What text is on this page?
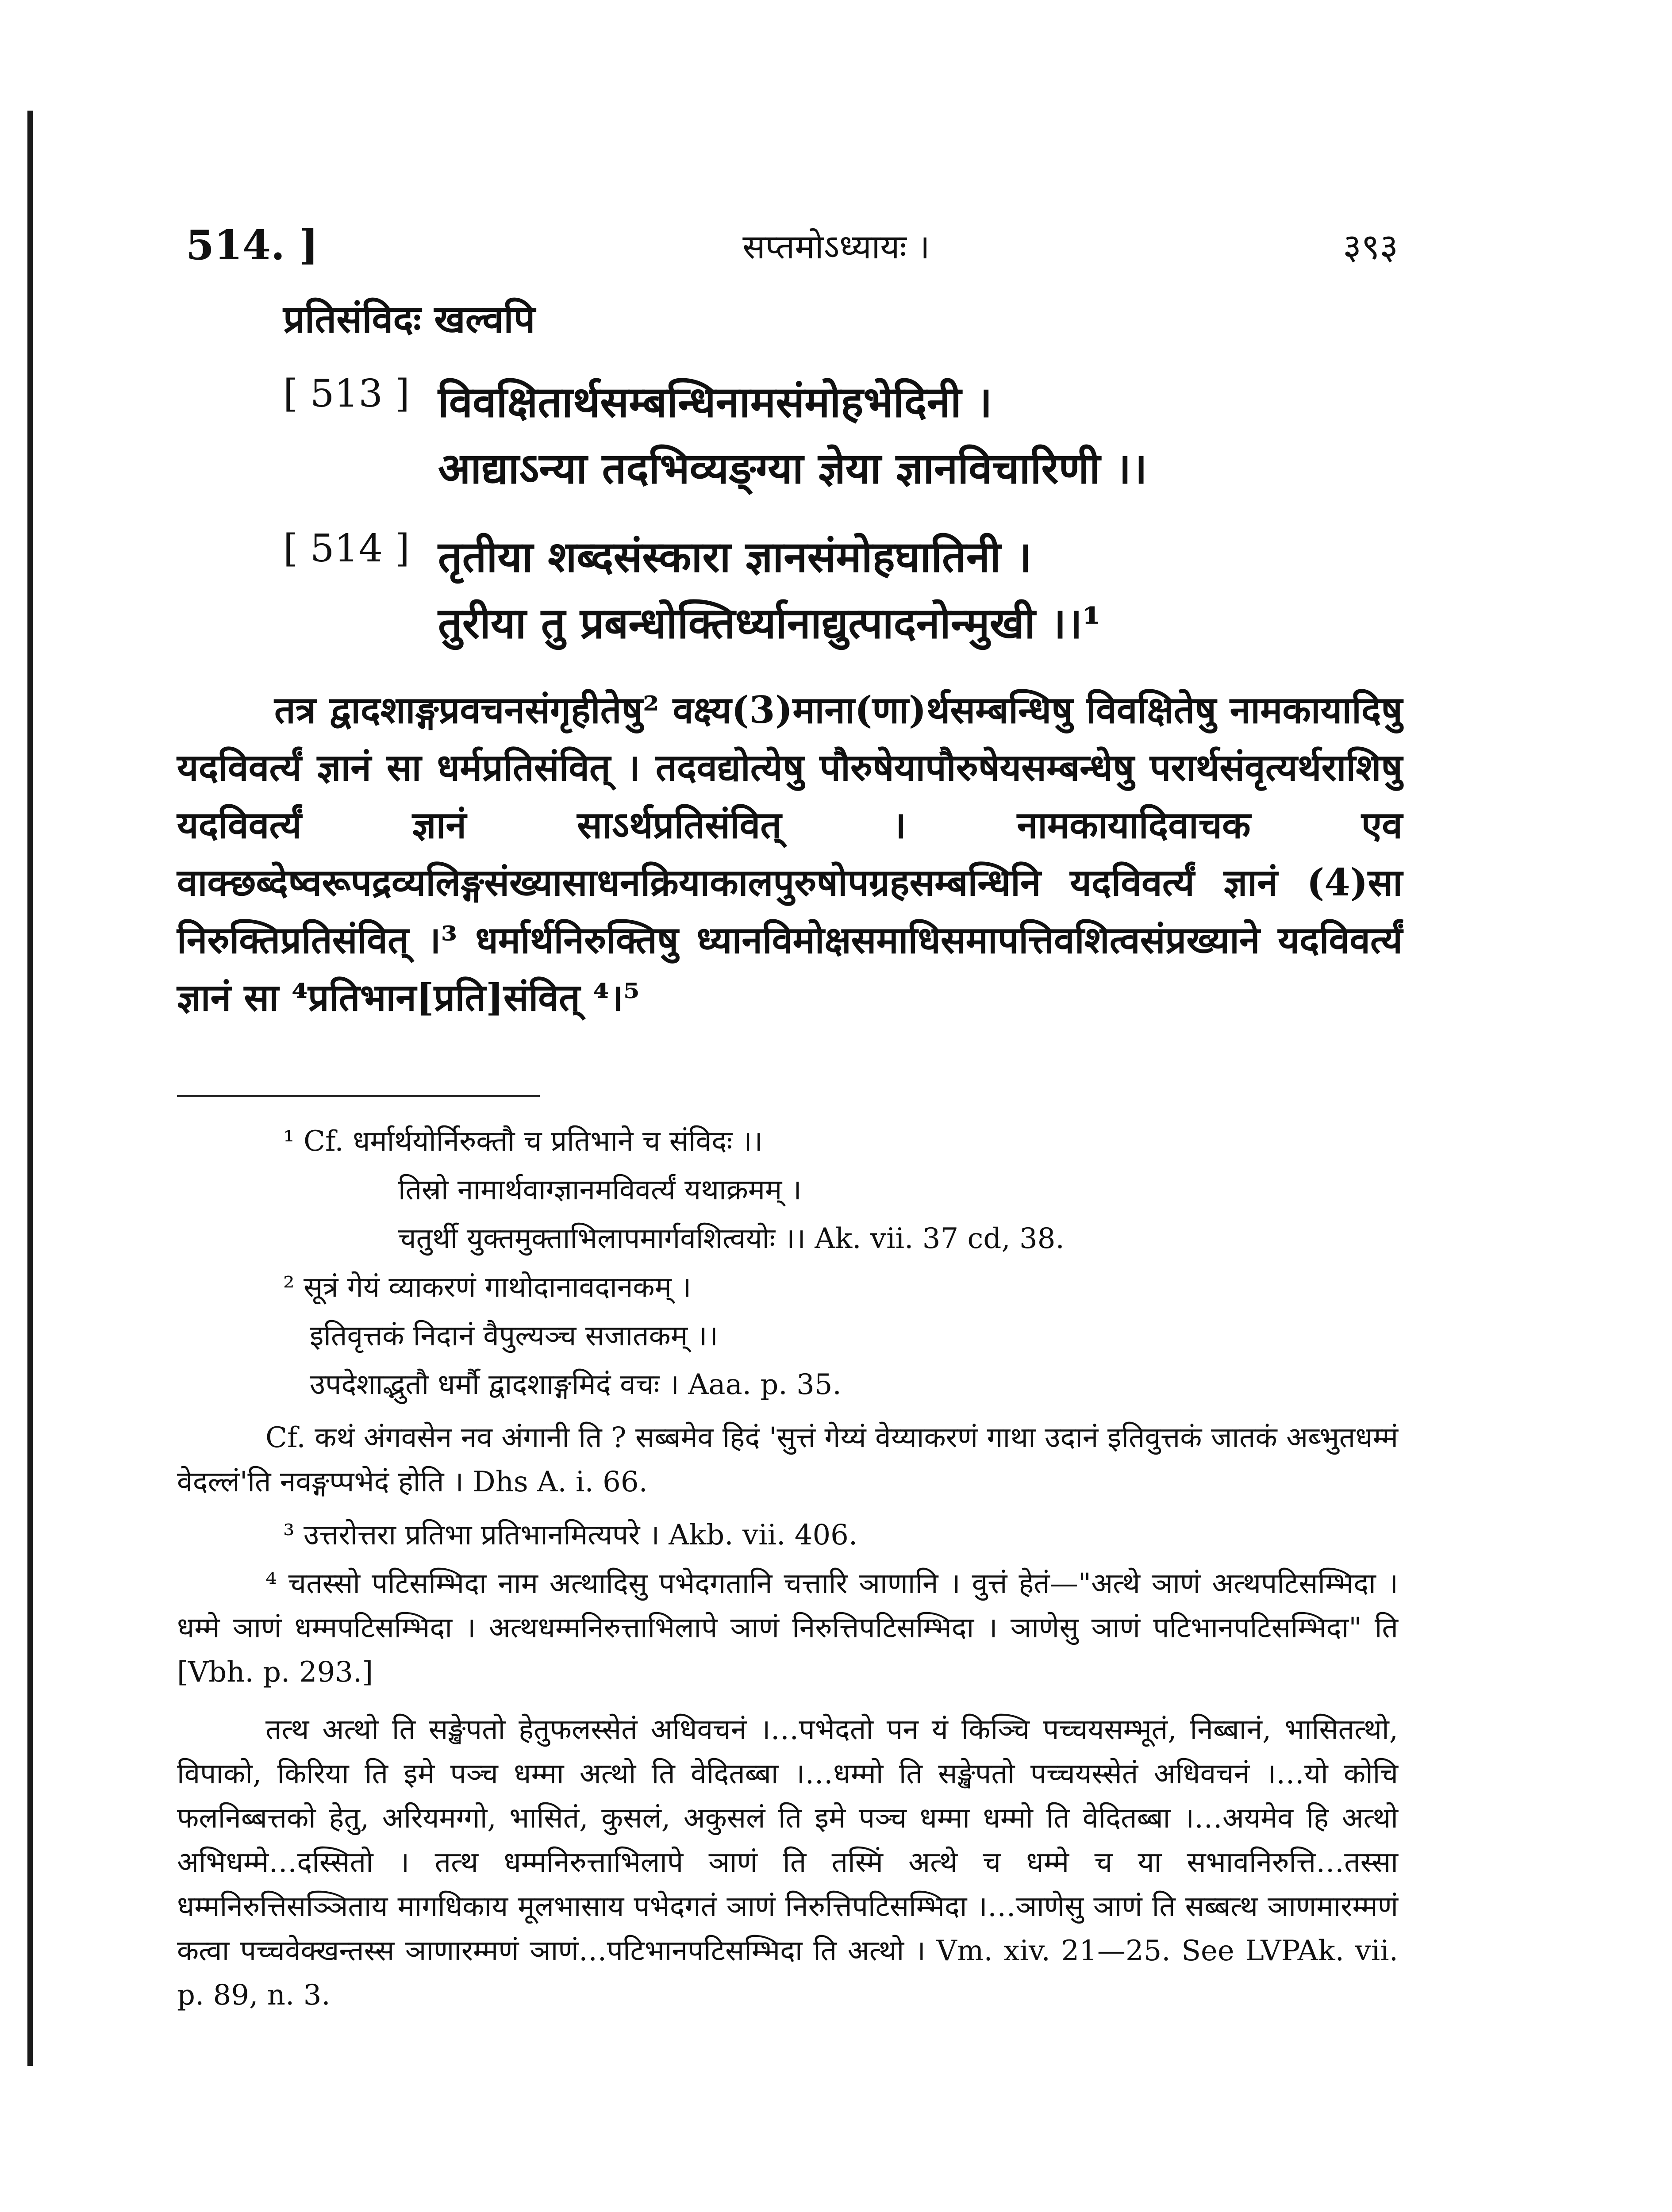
514. ]	सप्तमोऽध्यायः ।	३९३
प्रतिसंविदः खल्वपि
[ 513 ] विवक्षितार्थसम्बन्धिनामसंमोहभेदिनी ।
आद्याऽन्या तदभिव्यङ्ग्या ज्ञेया ज्ञानविचारिणी ।।
[ 514 ] तृतीया शब्दसंस्कारा ज्ञानसंमोहघातिनी ।
तुरीया तु प्रबन्धोक्तिर्ध्यानाद्युत्पादनोन्मुखी ।।¹
तत्र द्वादशाङ्गप्रवचनसंगृहीतेषु² वक्ष्य(3)माना(णा)र्थसम्बन्धिषु विवक्षितेषु नामकायादिषु यदविवर्त्यं ज्ञानं सा धर्मप्रतिसंवित् । तदवद्योत्येषु पौरुषेयापौरुषेयसम्बन्धेषु परार्थसंवृत्यर्थराशिषु यदविवर्त्यं ज्ञानं साऽर्थप्रतिसंवित् । नामकायादिवाचक एव वाक्छब्देष्वरूपद्रव्यलिङ्गसंख्यासाधनक्रियाकालपुरुषोपग्रहसम्बन्धिनि यदविवर्त्यं ज्ञानं (4)सा निरुक्तिप्रतिसंवित् ।³ धर्मार्थनिरुक्तिषु ध्यानविमोक्षसमाधिसमापत्तिवशित्वसंप्रख्याने यदविवर्त्यं ज्ञानं सा ⁴प्रतिभान[प्रति]संवित् ⁴।⁵
¹ Cf. धर्मार्थयोर्निरुक्तौ च प्रतिभाने च संविदः ।।
तिस्रो नामार्थवाग्ज्ञानमविवर्त्यं यथाक्रमम् ।
चतुर्थी युक्तमुक्ताभिलापमार्गवशित्वयोः ।। Ak. vii. 37 cd, 38.
² सूत्रं गेयं व्याकरणं गाथोदानावदानकम् ।
इतिवृत्तकं निदानं वैपुल्यञ्च सजातकम् ।।
उपदेशाद्भुतौ धर्मौ द्वादशाङ्गमिदं वचः । Aaa. p. 35.
Cf. कथं अंगवसेन नव अंगानी ति ? सब्बमेव हिदं 'सुत्तं गेय्यं वेय्याकरणं गाथा उदानं इतिवुत्तकं जातकं अब्भुतधम्मं वेदल्लं'ति नवङ्गप्पभेदं होति । Dhs A. i. 66.
³ उत्तरोत्तरा प्रतिभा प्रतिभानमित्यपरे । Akb. vii. 406.
⁴ चतस्सो पटिसम्भिदा नाम अत्थादिसु पभेदगतानि चत्तारि ञाणानि । वुत्तं हेतं—"अत्थे ञाणं अत्थपटिसम्भिदा । धम्मे ञाणं धम्मपटिसम्भिदा । अत्थधम्मनिरुत्ताभिलापे ञाणं निरुत्तिपटिसम्भिदा । ञाणेसु ञाणं पटिभानपटिसम्भिदा" ति [Vbh. p. 293.]
तत्थ अत्थो ति सङ्खेपतो हेतुफलस्सेतं अधिवचनं ।…पभेदतो पन यं किञ्चि पच्चयसम्भूतं, निब्बानं, भासितत्थो, विपाको, किरिया ति इमे पञ्च धम्मा अत्थो ति वेदितब्बा ।…धम्मो ति सङ्खेपतो पच्चयस्सेतं अधिवचनं ।…यो कोचि फलनिब्बत्तको हेतु, अरियमग्गो, भासितं, कुसलं, अकुसलं ति इमे पञ्च धम्मा धम्मो ति वेदितब्बा ।…अयमेव हि अत्थो अभिधम्मे…दस्सितो । तत्थ धम्मनिरुत्ताभिलापे ञाणं ति तस्मिं अत्थे च धम्मे च या सभावनिरुत्ति…तस्सा धम्मनिरुत्तिसञ्ञिताय मागधिकाय मूलभासाय पभेदगतं ञाणं निरुत्तिपटिसम्भिदा ।…ञाणेसु ञाणं ति सब्बत्थ ञाणमारम्मणं कत्वा पच्चवेक्खन्तस्स ञाणारम्मणं ञाणं…पटिभानपटिसम्भिदा ति अत्थो । Vm. xiv. 21—25. See LVPAk. vii. p. 89, n. 3.
